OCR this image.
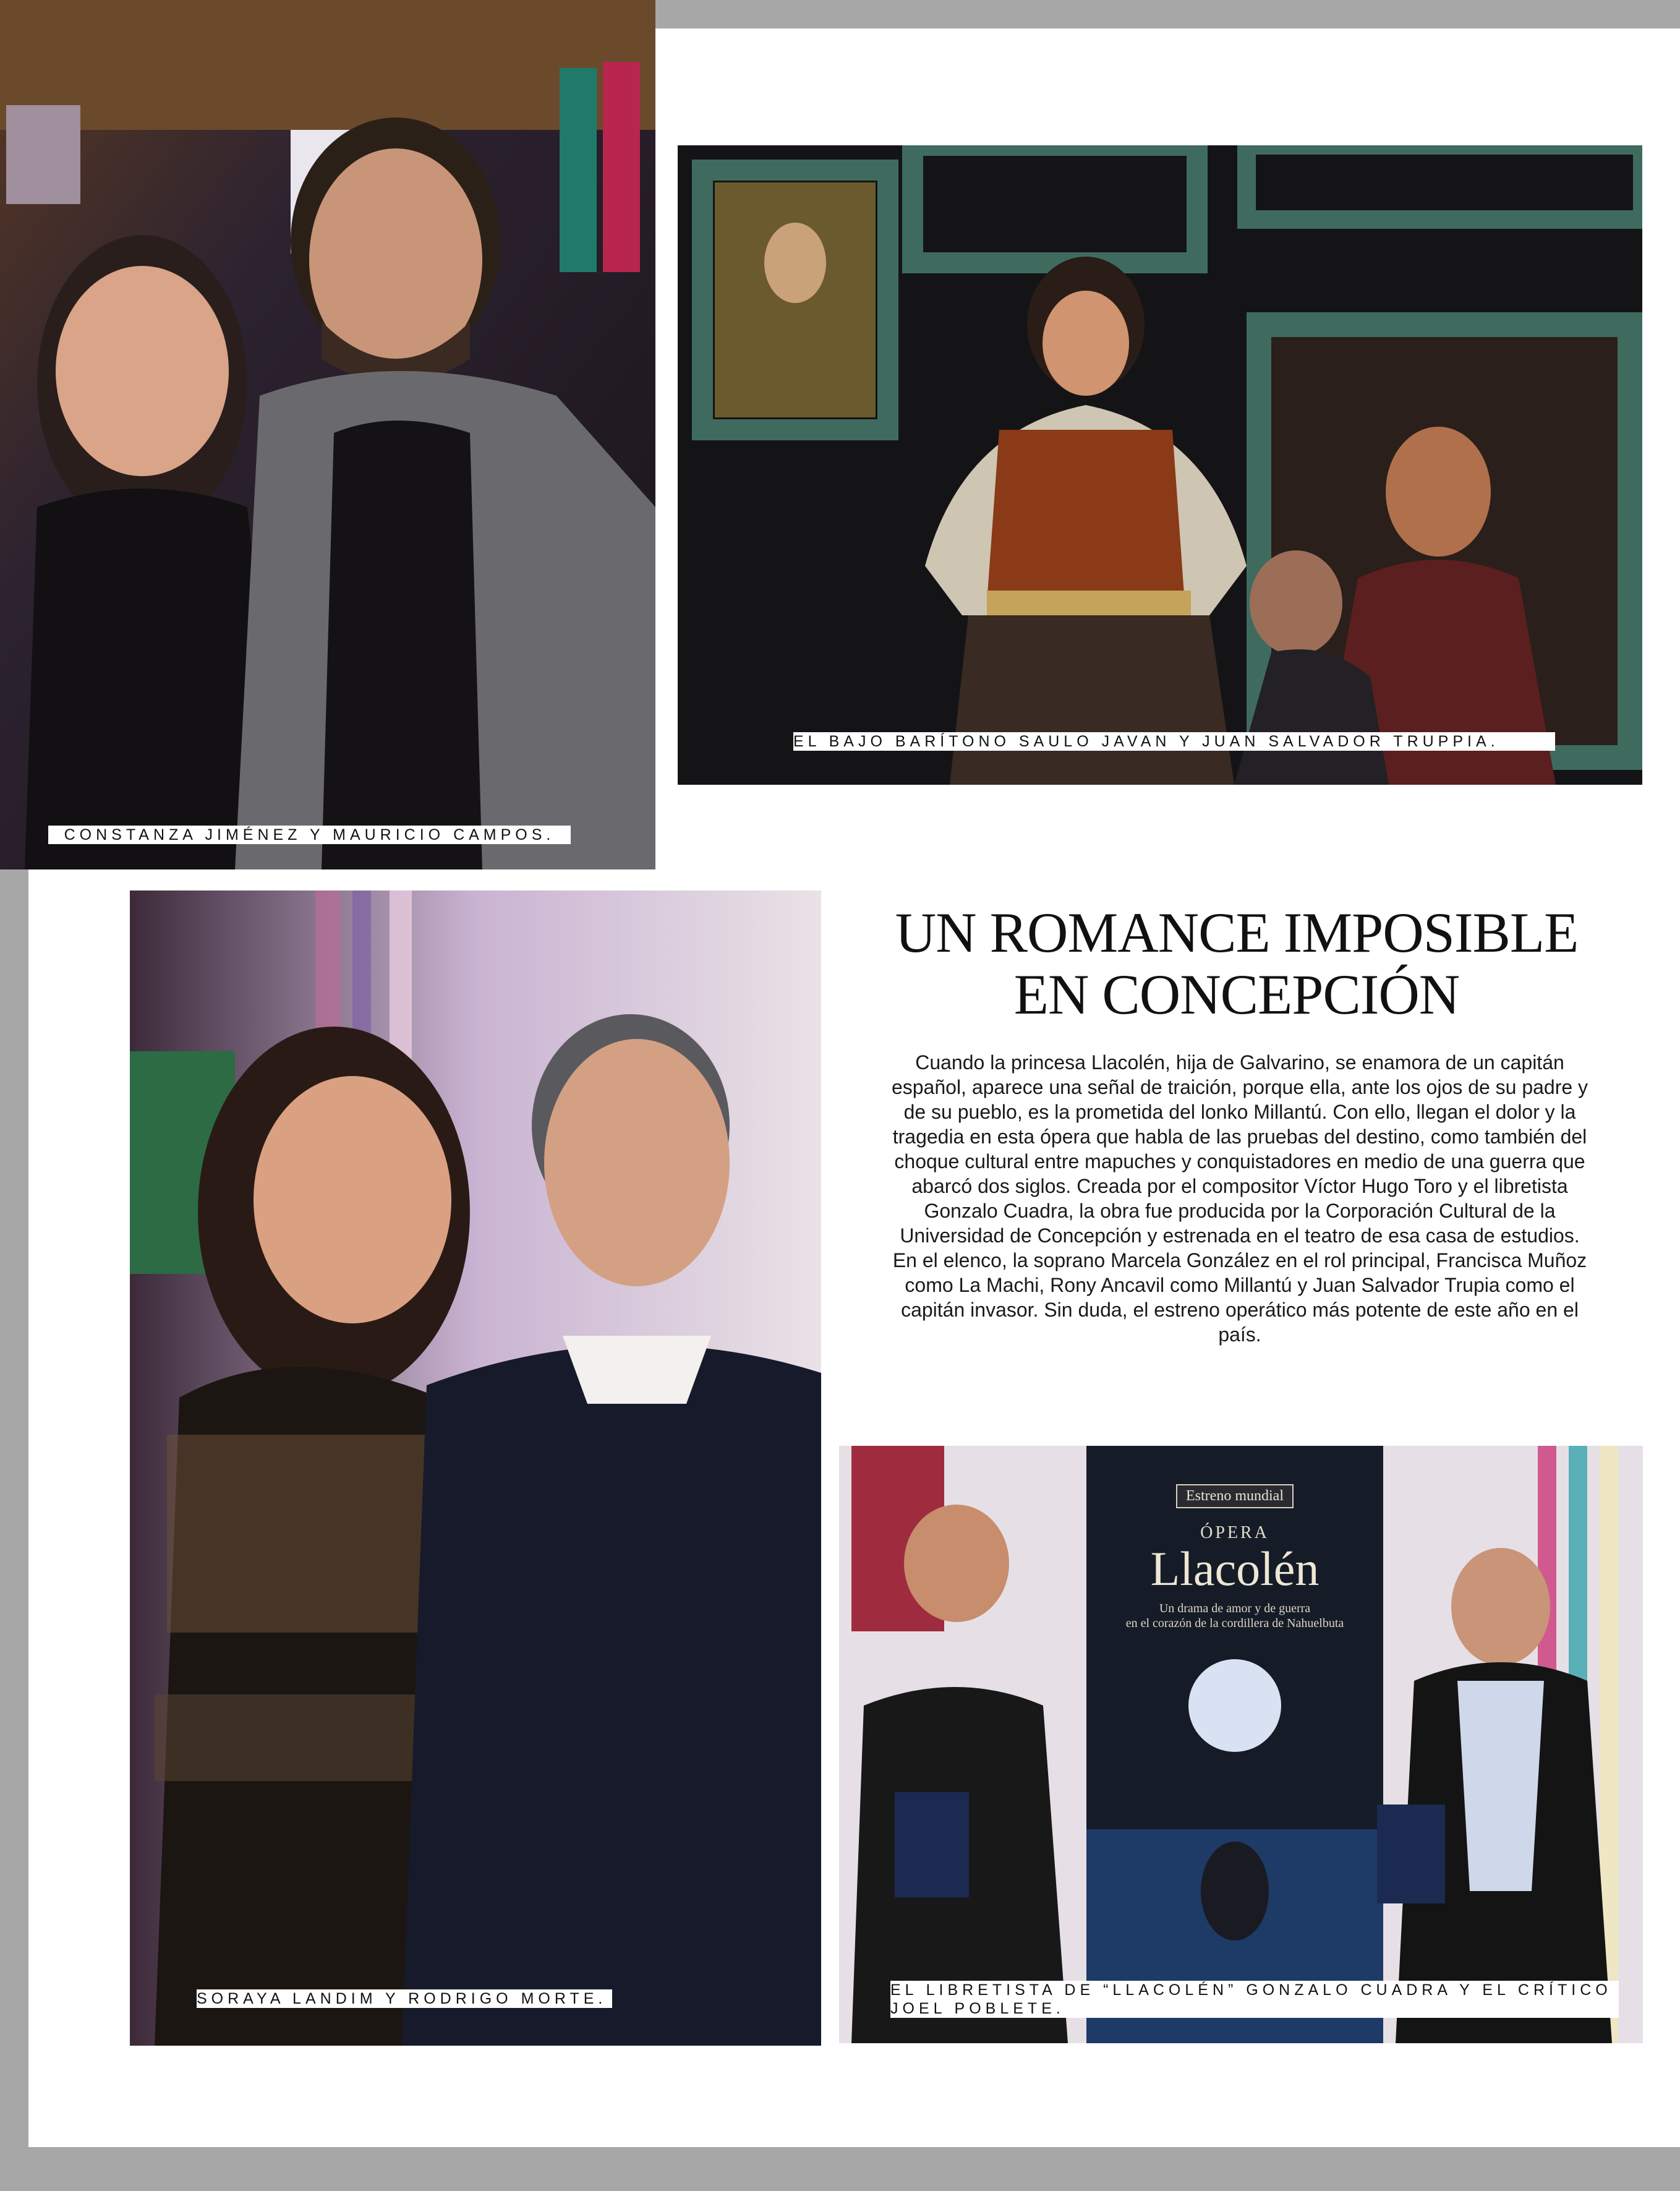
Estreno mundial
ÓPERA
Llacolén
Un drama de amor y de guerra
en el corazón de la cordillera de Nahuelbuta
CONSTANZA JIMÉNEZ Y MAURICIO CAMPOS.
EL BAJO BARÍTONO SAULO JAVAN Y JUAN SALVADOR TRUPPIA.
SORAYA LANDIM Y RODRIGO MORTE.	EL LIBRETISTA DE “LLACOLÉN” GONZALO CUADRA Y EL CRÍTICO JOEL POBLETE.
UN ROMANCE IMPOSIBLE EN CONCEPCIÓN

Cuando la princesa Llacolén, hija de Galvarino, se enamora de un capitán español, aparece una señal de traición, porque ella, ante los ojos de su padre y de su pueblo, es la prometida del lonko Millantú. Con ello, llegan el dolor y la tragedia en esta ópera que habla de las pruebas del destino, como también del choque cultural entre mapuches y conquistadores en medio de una guerra que abarcó dos siglos. Creada por el compositor Víctor Hugo Toro y el libretista Gonzalo Cuadra, la obra fue producida por la Corporación Cultural de la Universidad de Concepción y estrenada en el teatro de esa casa de estudios. En el elenco, la soprano Marcela González en el rol principal, Francisca Muñoz como La Machi, Rony Ancavil como Millantú y Juan Salvador Trupia como el capitán invasor. Sin duda, el estreno operático más potente de este año en el país.
